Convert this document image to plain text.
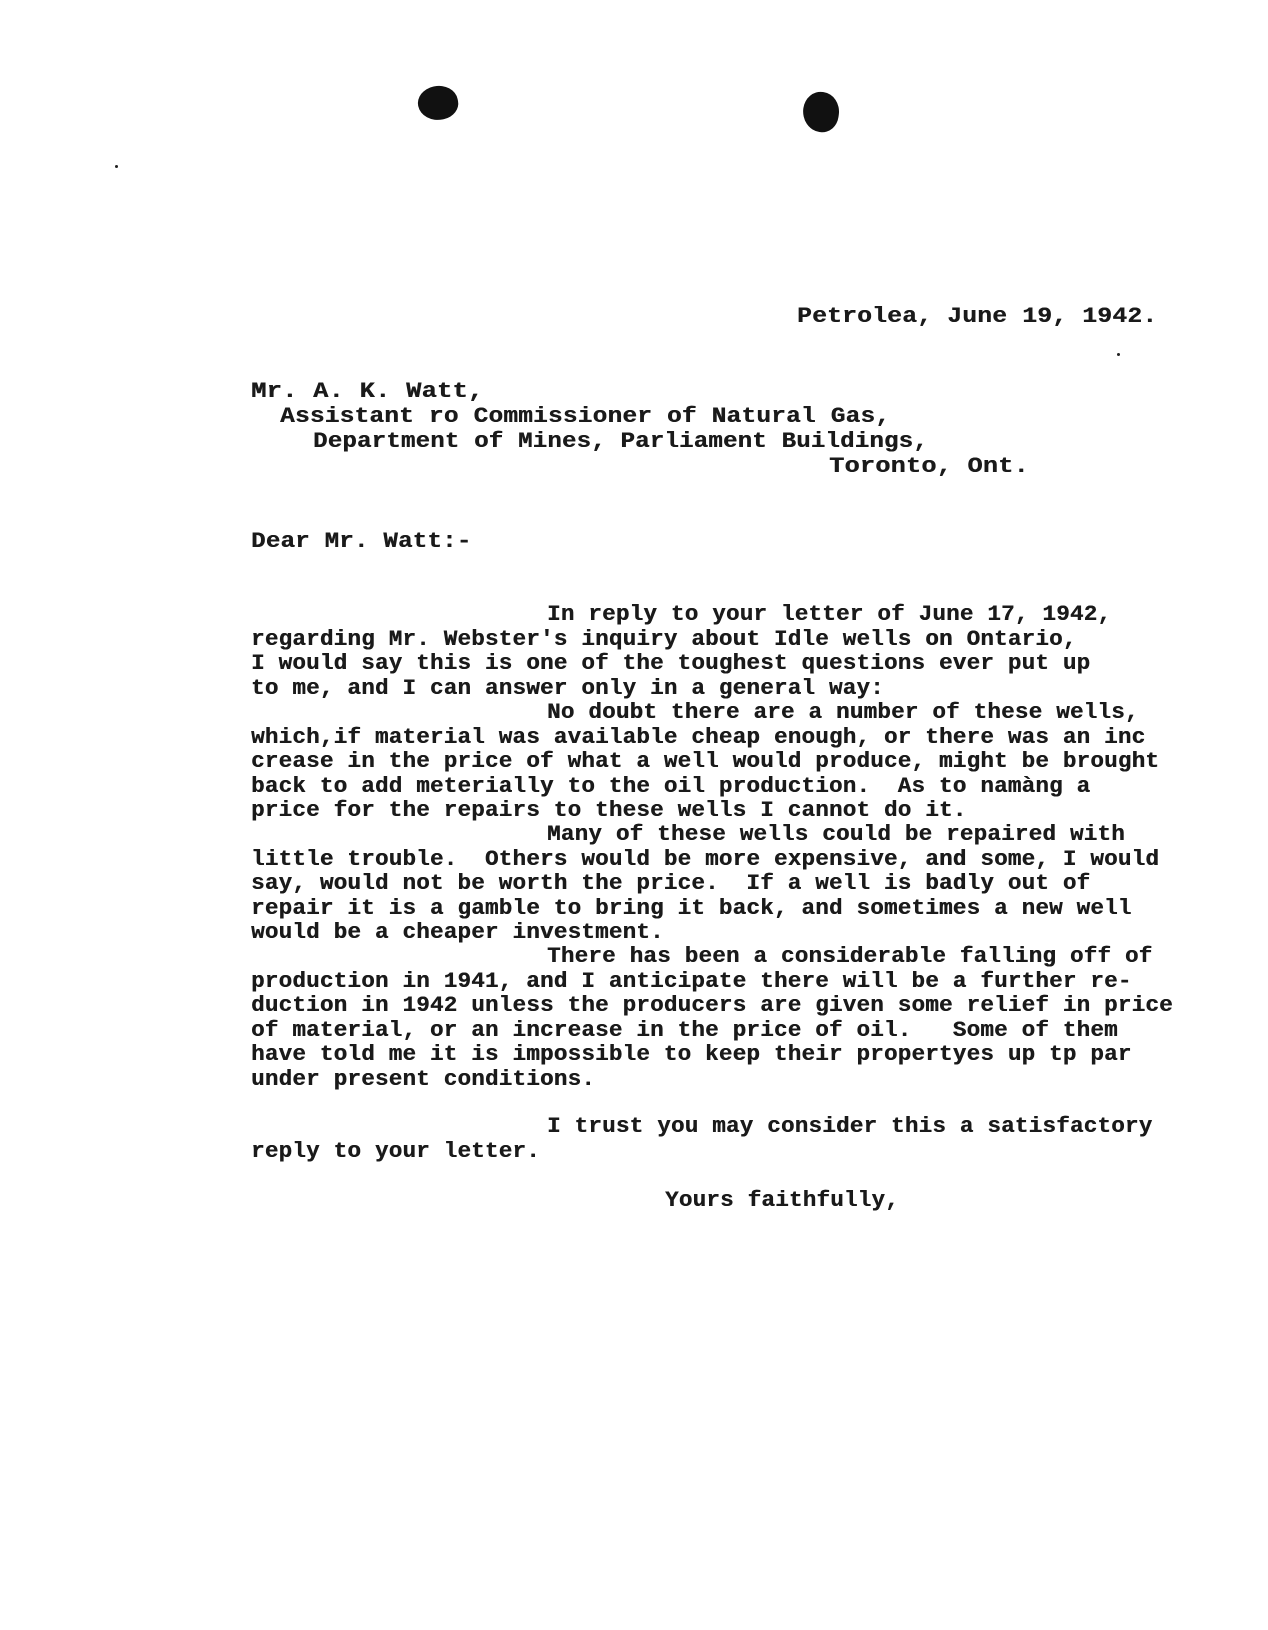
Petrolea, June 19, 1942.
Mr. A. K. Watt,
Assistant ro Commissioner of Natural Gas,
Department of Mines, Parliament Buildings,
Toronto, Ont.
Dear Mr. Watt:-
In reply to your letter of June 17, 1942,
regarding Mr. Webster's inquiry about Idle wells on Ontario,
I would say this is one of the toughest questions ever put up
to me, and I can answer only in a general way:
No doubt there are a number of these wells,
which,if material was available cheap enough, or there was an inc
crease in the price of what a well would produce, might be brought
back to add meterially to the oil production.  As to namàng a
price for the repairs to these wells I cannot do it.
Many of these wells could be repaired with
little trouble.  Others would be more expensive, and some, I would
say, would not be worth the price.  If a well is badly out of
repair it is a gamble to bring it back, and sometimes a new well
would be a cheaper investment.
There has been a considerable falling off of
production in 1941, and I anticipate there will be a further re-
duction in 1942 unless the producers are given some relief in price
of material, or an increase in the price of oil.   Some of them
have told me it is impossible to keep their propertyes up tp par
under present conditions.
I trust you may consider this a satisfactory
reply to your letter.
Yours faithfully,
